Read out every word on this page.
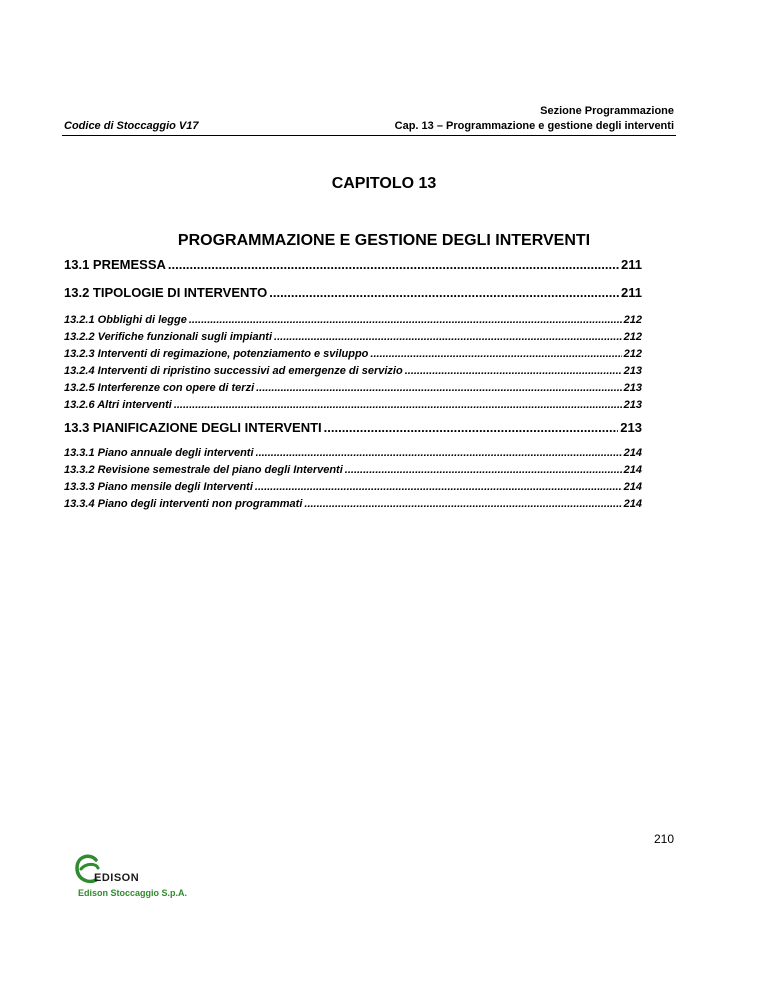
Codice di Stoccaggio V17
Sezione Programmazione
Cap. 13 – Programmazione e gestione degli interventi
CAPITOLO 13
PROGRAMMAZIONE E GESTIONE DEGLI INTERVENTI
13.1 PREMESSA .....	211
13.2 TIPOLOGIE DI INTERVENTO .....	211
13.2.1 Obblighi di legge .....	212
13.2.2 Verifiche funzionali sugli impianti .....	212
13.2.3 Interventi di regimazione, potenziamento e sviluppo .....	212
13.2.4 Interventi di ripristino successivi ad emergenze di servizio .....	213
13.2.5 Interferenze con opere di terzi .....	213
13.2.6 Altri interventi .....	213
13.3 PIANIFICAZIONE DEGLI INTERVENTI .....	213
13.3.1 Piano annuale degli interventi .....	214
13.3.2 Revisione semestrale del piano degli Interventi .....	214
13.3.3 Piano mensile degli Interventi .....	214
13.3.4 Piano degli interventi non programmati .....	214
210
EDISON
Edison Stoccaggio S.p.A.
